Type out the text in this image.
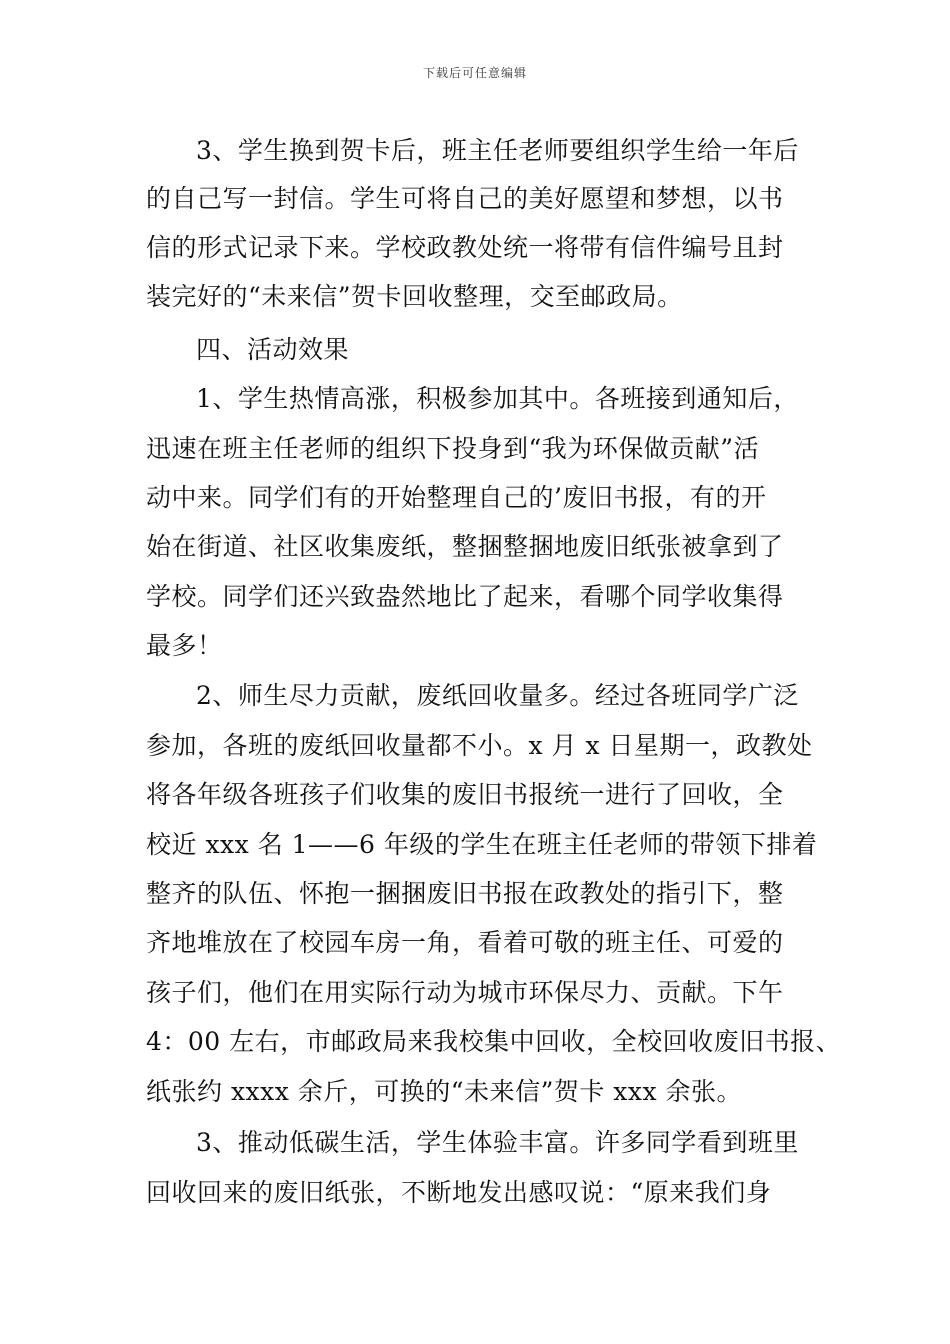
下载后可任意编辑
3、学生换到贺卡后，班主任老师要组织学生给一年后
的自己写一封信。学生可将自己的美好愿望和梦想，以书
信的形式记录下来。学校政教处统一将带有信件编号且封
装完好的“未来信”贺卡回收整理，交至邮政局。
四、活动效果
1、学生热情高涨，积极参加其中。各班接到通知后，
迅速在班主任老师的组织下投身到“我为环保做贡献”活
动中来。同学们有的开始整理自己的’废旧书报，有的开
始在街道、社区收集废纸，整捆整捆地废旧纸张被拿到了
学校。同学们还兴致盎然地比了起来，看哪个同学收集得
最多！
2、师生尽力贡献，废纸回收量多。经过各班同学广泛
参加，各班的废纸回收量都不小。x 月 x 日星期一，政教处
将各年级各班孩子们收集的废旧书报统一进行了回收，全
校近 xxx 名 1——6 年级的学生在班主任老师的带领下排着
整齐的队伍、怀抱一捆捆废旧书报在政教处的指引下，整
齐地堆放在了校园车房一角，看着可敬的班主任、可爱的
孩子们，他们在用实际行动为城市环保尽力、贡献。下午
4：00 左右，市邮政局来我校集中回收，全校回收废旧书报、
纸张约 xxxx 余斤，可换的“未来信”贺卡 xxx 余张。
3、推动低碳生活，学生体验丰富。许多同学看到班里
回收回来的废旧纸张，不断地发出感叹说：“原来我们身
